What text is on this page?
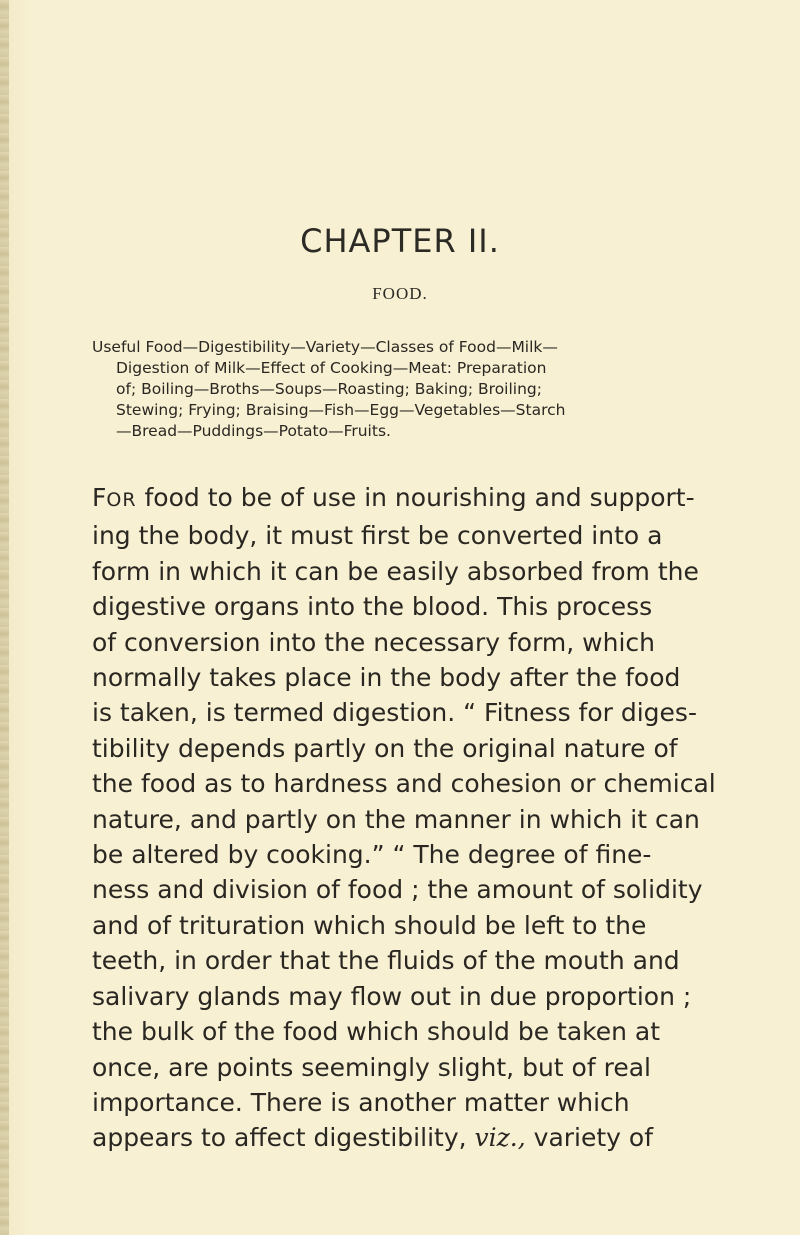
CHAPTER II.
FOOD.

Useful Food—Digestibility—Variety—Classes of Food—Milk—
Digestion of Milk—Effect of Cooking—Meat: Preparation
of; Boiling—Broths—Soups—Roasting; Baking; Broiling;
Stewing; Frying; Braising—Fish—Egg—Vegetables—Starch
—Bread—Puddings—Potato—Fruits.

FOR food to be of use in nourishing and support-
ing the body, it must first be converted into a
form in which it can be easily absorbed from the
digestive organs into the blood. This process
of conversion into the necessary form, which
normally takes place in the body after the food
is taken, is termed digestion. “ Fitness for diges-
tibility depends partly on the original nature of
the food as to hardness and cohesion or chemical
nature, and partly on the manner in which it can
be altered by cooking.” “ The degree of fine-
ness and division of food ; the amount of solidity
and of trituration which should be left to the
teeth, in order that the fluids of the mouth and
salivary glands may flow out in due proportion ;
the bulk of the food which should be taken at
once, are points seemingly slight, but of real
importance. There is another matter which
appears to affect digestibility, viz., variety of
